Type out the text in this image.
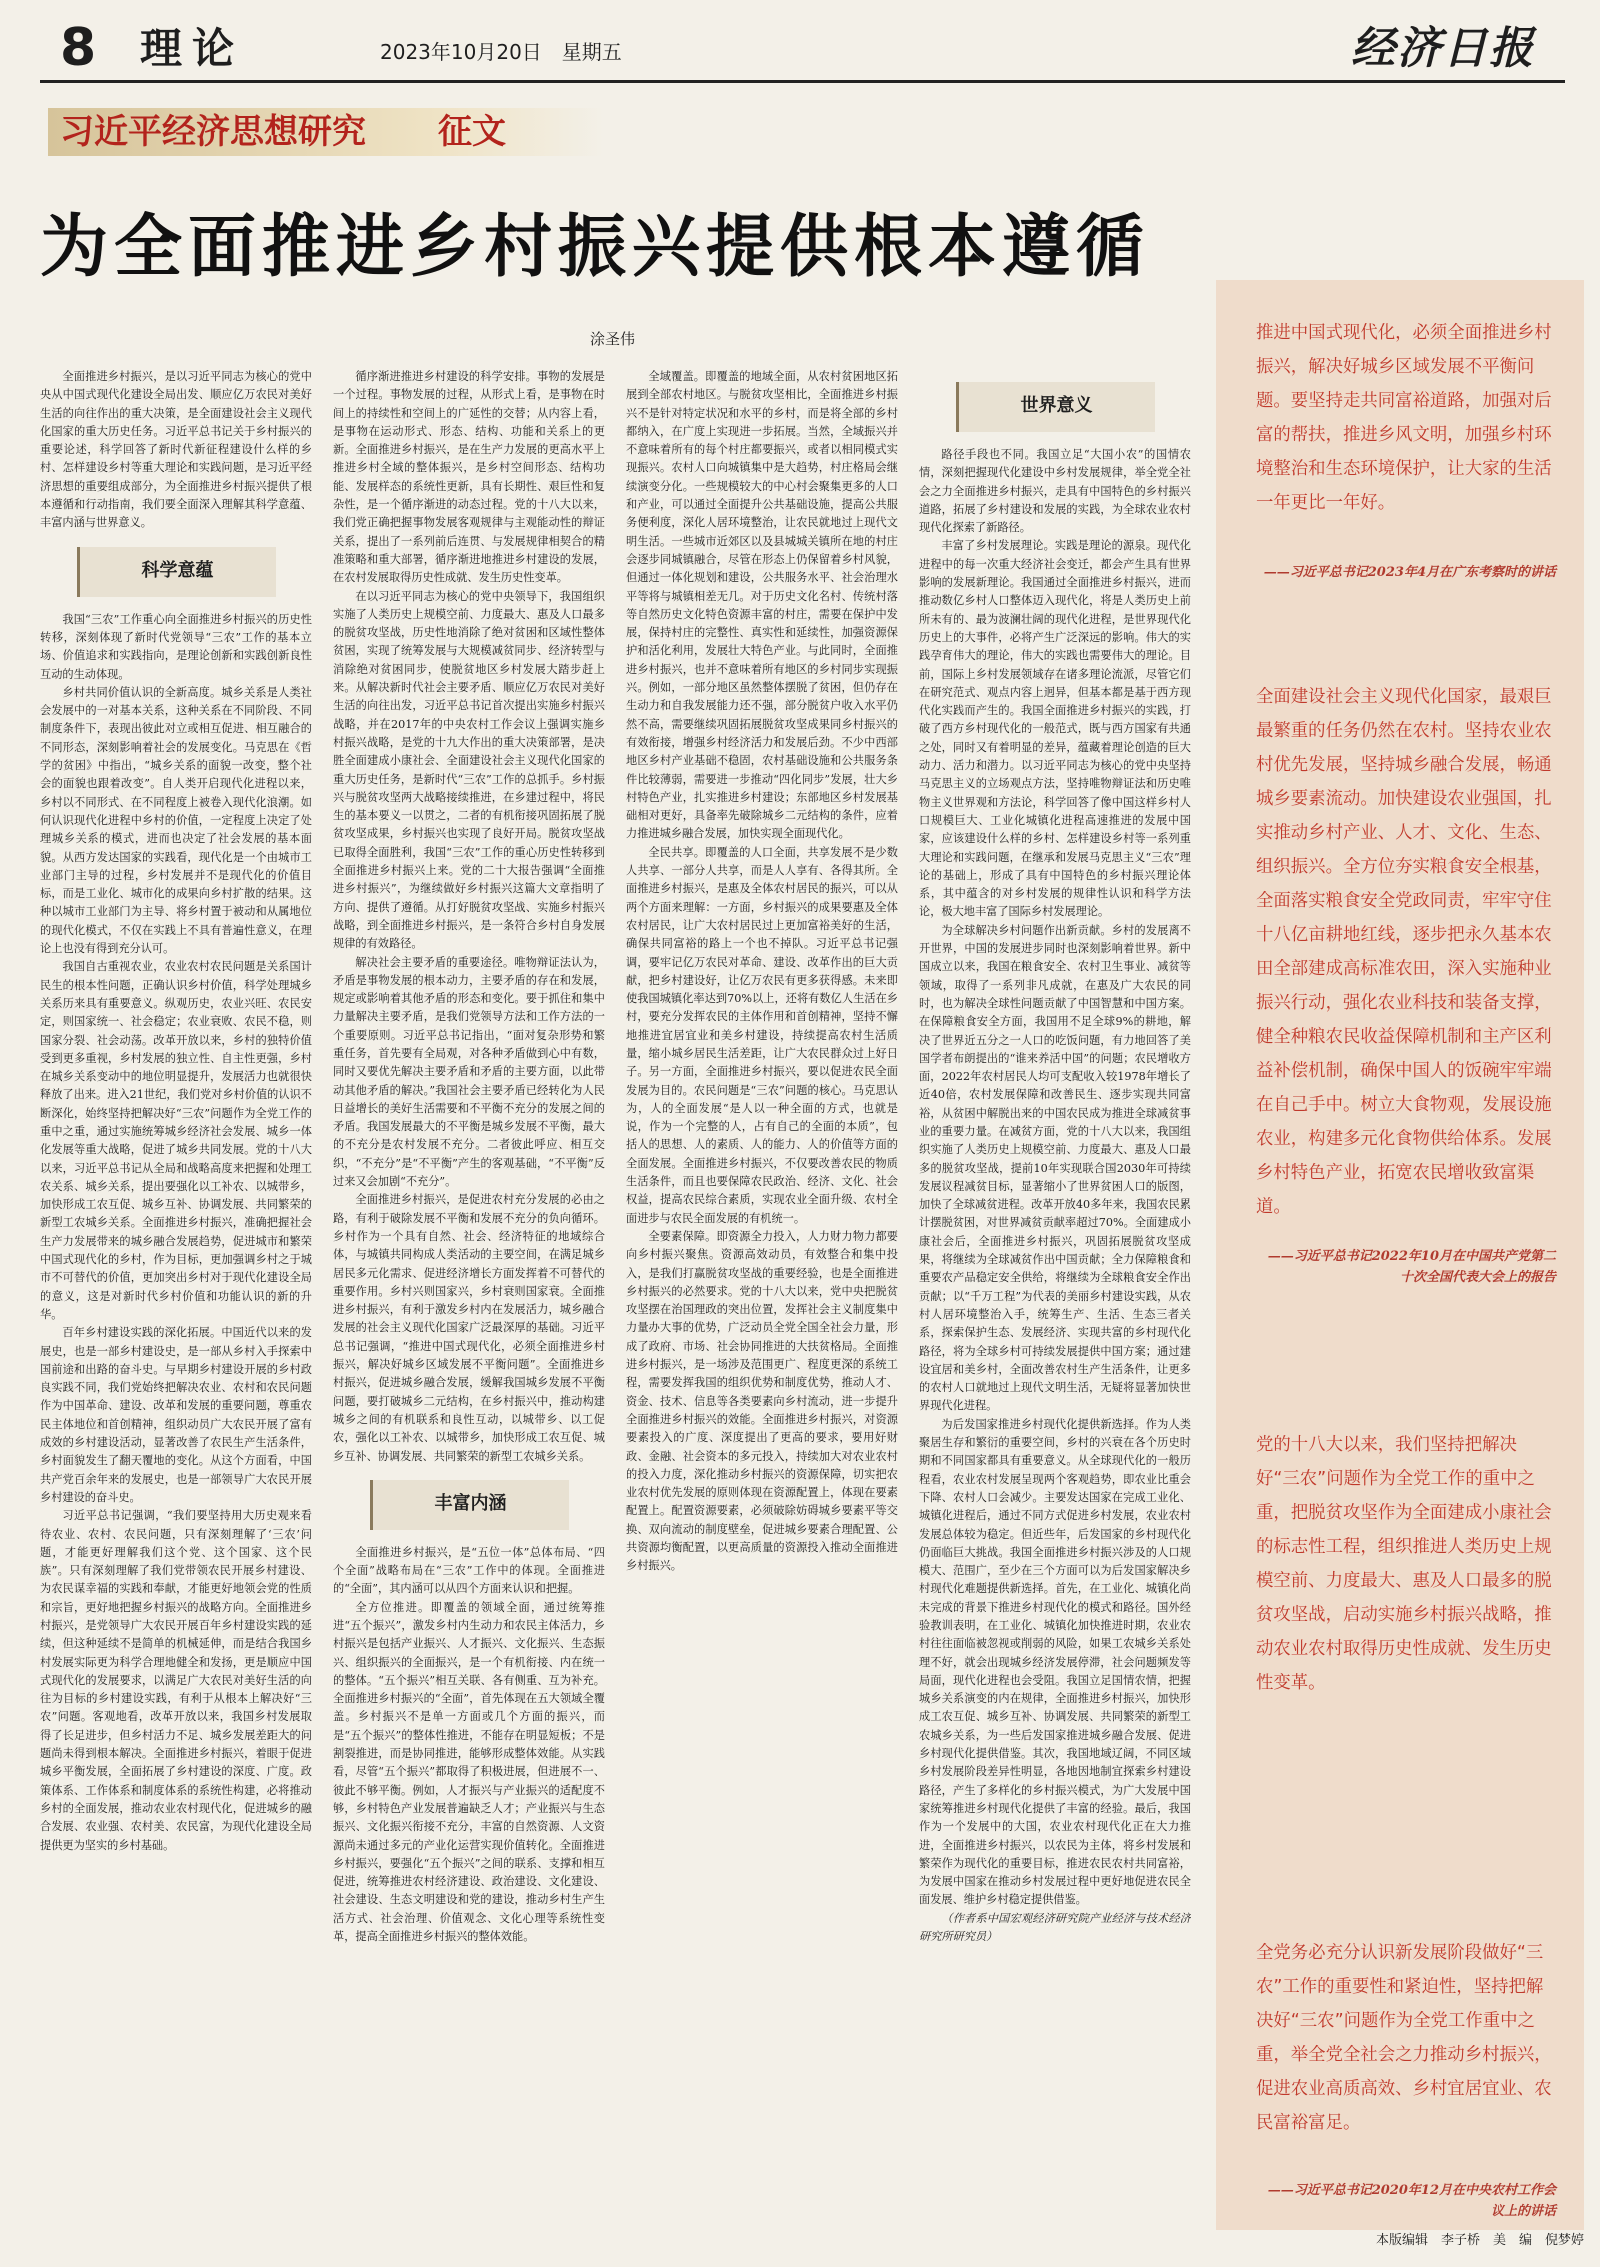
8 理论	2023年10月20日　星期五	经济日报
习近平经济思想研究 征文
为全面推进乡村振兴提供根本遵循
涂圣伟

全面推进乡村振兴，是以习近平同志为核心的党中央从中国式现代化建设全局出发、顺应亿万农民对美好生活的向往作出的重大决策，是全面建设社会主义现代化国家的重大历史任务。习近平总书记关于乡村振兴的重要论述，科学回答了新时代新征程建设什么样的乡村、怎样建设乡村等重大理论和实践问题，是习近平经济思想的重要组成部分，为全面推进乡村振兴提供了根本遵循和行动指南，我们要全面深入理解其科学意蕴、丰富内涵与世界意义。

科学意蕴

我国“三农”工作重心向全面推进乡村振兴的历史性转移，深刻体现了新时代党领导“三农”工作的基本立场、价值追求和实践指向，是理论创新和实践创新良性互动的生动体现。

乡村共同价值认识的全新高度。城乡关系是人类社会发展中的一对基本关系，这种关系在不同阶段、不同制度条件下，表现出彼此对立或相互促进、相互融合的不同形态，深刻影响着社会的发展变化。马克思在《哲学的贫困》中指出，“城乡关系的面貌一改变，整个社会的面貌也跟着改变”。自人类开启现代化进程以来，乡村以不同形式、在不同程度上被卷入现代化浪潮。如何认识现代化进程中乡村的价值，一定程度上决定了处理城乡关系的模式，进而也决定了社会发展的基本面貌。从西方发达国家的实践看，现代化是一个由城市工业部门主导的过程，乡村发展并不是现代化的价值目标，而是工业化、城市化的成果向乡村扩散的结果。这种以城市工业部门为主导、将乡村置于被动和从属地位的现代化模式，不仅在实践上不具有普遍性意义，在理论上也没有得到充分认可。

我国自古重视农业，农业农村农民问题是关系国计民生的根本性问题，正确认识乡村价值，科学处理城乡关系历来具有重要意义。纵观历史，农业兴旺、农民安定，则国家统一、社会稳定；农业衰败、农民不稳，则国家分裂、社会动荡。改革开放以来，乡村的独特价值受到更多重视，乡村发展的独立性、自主性更强，乡村在城乡关系变动中的地位明显提升，发展活力也就很快释放了出来。进入21世纪，我们党对乡村价值的认识不断深化，始终坚持把解决好“三农”问题作为全党工作的重中之重，通过实施统筹城乡经济社会发展、城乡一体化发展等重大战略，促进了城乡共同发展。党的十八大以来，习近平总书记从全局和战略高度来把握和处理工农关系、城乡关系，提出要强化以工补农、以城带乡，加快形成工农互促、城乡互补、协调发展、共同繁荣的新型工农城乡关系。全面推进乡村振兴，准确把握社会生产力发展带来的城乡融合发展趋势，促进城市和繁荣中国式现代化的乡村，作为目标，更加强调乡村之于城市不可替代的价值，更加突出乡村对于现代化建设全局的意义，这是对新时代乡村价值和功能认识的新的升华。

百年乡村建设实践的深化拓展。中国近代以来的发展史，也是一部乡村建设史，是一部从乡村入手探索中国前途和出路的奋斗史。与早期乡村建设开展的乡村政良实践不同，我们党始终把解决农业、农村和农民问题作为中国革命、建设、改革和发展的重要问题，尊重农民主体地位和首创精神，组织动员广大农民开展了富有成效的乡村建设活动，显著改善了农民生产生活条件，乡村面貌发生了翻天覆地的变化。从这个方面看，中国共产党百余年来的发展史，也是一部领导广大农民开展乡村建设的奋斗史。

习近平总书记强调，“我们要坚持用大历史观来看待农业、农村、农民问题，只有深刻理解了‘三农’问题，才能更好理解我们这个党、这个国家、这个民族”。只有深刻理解了我们党带领农民开展乡村建设、为农民谋幸福的实践和奉献，才能更好地领会党的性质和宗旨，更好地把握乡村振兴的战略方向。全面推进乡村振兴，是党领导广大农民开展百年乡村建设实践的延续，但这种延续不是简单的机械延伸，而是结合我国乡村发展实际更为科学合理地健全和发扬，更是顺应中国式现代化的发展要求，以满足广大农民对美好生活的向往为目标的乡村建设实践，有利于从根本上解决好“三农”问题。客观地看，改革开放以来，我国乡村发展取得了长足进步，但乡村活力不足、城乡发展差距大的问题尚未得到根本解决。全面推进乡村振兴，着眼于促进城乡平衡发展，全面拓展了乡村建设的深度、广度。政策体系、工作体系和制度体系的系统性构建，必将推动乡村的全面发展，推动农业农村现代化，促进城乡的融合发展、农业强、农村美、农民富，为现代化建设全局提供更为坚实的乡村基础。

循序渐进推进乡村建设的科学安排。事物的发展是一个过程。事物发展的过程，从形式上看，是事物在时间上的持续性和空间上的广延性的交替；从内容上看，是事物在运动形式、形态、结构、功能和关系上的更新。全面推进乡村振兴，是在生产力发展的更高水平上推进乡村全域的整体振兴，是乡村空间形态、结构功能、发展样态的系统性更新，具有长期性、艰巨性和复杂性，是一个循序渐进的动态过程。党的十八大以来，我们党正确把握事物发展客观规律与主观能动性的辩证关系，提出了一系列前后连贯、与发展规律相契合的精准策略和重大部署，循序渐进地推进乡村建设的发展，在农村发展取得历史性成就、发生历史性变革。

在以习近平同志为核心的党中央领导下，我国组织实施了人类历史上规模空前、力度最大、惠及人口最多的脱贫攻坚战，历史性地消除了绝对贫困和区域性整体贫困，实现了统筹发展与大规模减贫同步、经济转型与消除绝对贫困同步，使脱贫地区乡村发展大踏步赶上来。从解决新时代社会主要矛盾、顺应亿万农民对美好生活的向往出发，习近平总书记首次提出实施乡村振兴战略，并在2017年的中央农村工作会议上强调实施乡村振兴战略，是党的十九大作出的重大决策部署，是决胜全面建成小康社会、全面建设社会主义现代化国家的重大历史任务，是新时代“三农”工作的总抓手。乡村振兴与脱贫攻坚两大战略接续推进，在乡建过程中，将民生的基本要义一以贯之，二者的有机衔接巩固拓展了脱贫攻坚成果，乡村振兴也实现了良好开局。脱贫攻坚战已取得全面胜利，我国“三农”工作的重心历史性转移到全面推进乡村振兴上来。党的二十大报告强调“全面推进乡村振兴”，为继续做好乡村振兴这篇大文章指明了方向、提供了遵循。从打好脱贫攻坚战、实施乡村振兴战略，到全面推进乡村振兴，是一条符合乡村自身发展规律的有效路径。

解决社会主要矛盾的重要途径。唯物辩证法认为，矛盾是事物发展的根本动力，主要矛盾的存在和发展，规定或影响着其他矛盾的形态和变化。要于抓住和集中力量解决主要矛盾，是我们党领导方法和工作方法的一个重要原则。习近平总书记指出，“面对复杂形势和繁重任务，首先要有全局观，对各种矛盾做到心中有数，同时又要优先解决主要矛盾和矛盾的主要方面，以此带动其他矛盾的解决。”我国社会主要矛盾已经转化为人民日益增长的美好生活需要和不平衡不充分的发展之间的矛盾。我国发展最大的不平衡是城乡发展不平衡，最大的不充分是农村发展不充分。二者彼此呼应、相互交织，“不充分”是“不平衡”产生的客观基础，“不平衡”反过来又会加剧“不充分”。

全面推进乡村振兴，是促进农村充分发展的必由之路，有利于破除发展不平衡和发展不充分的负向循环。乡村作为一个具有自然、社会、经济特征的地域综合体，与城镇共同构成人类活动的主要空间，在满足城乡居民多元化需求、促进经济增长方面发挥着不可替代的重要作用。乡村兴则国家兴，乡村衰则国家衰。全面推进乡村振兴，有利于激发乡村内在发展活力，城乡融合发展的社会主义现代化国家广泛最深厚的基础。习近平总书记强调，“推进中国式现代化，必须全面推进乡村振兴，解决好城乡区域发展不平衡问题”。全面推进乡村振兴，促进城乡融合发展，缓解我国城乡发展不平衡问题，要打破城乡二元结构，在乡村振兴中，推动构建城乡之间的有机联系和良性互动，以城带乡、以工促农，强化以工补农、以城带乡，加快形成工农互促、城乡互补、协调发展、共同繁荣的新型工农城乡关系。

丰富内涵

全面推进乡村振兴，是“五位一体”总体布局、“四个全面”战略布局在“三农”工作中的体现。全面推进的“全面”，其内涵可以从四个方面来认识和把握。

全方位推进。即覆盖的领域全面，通过统筹推进“五个振兴”，激发乡村内生动力和农民主体活力，乡村振兴是包括产业振兴、人才振兴、文化振兴、生态振兴、组织振兴的全面振兴，是一个有机衔接、内在统一的整体。“五个振兴”相互关联、各有侧重、互为补充。全面推进乡村振兴的“全面”，首先体现在五大领域全覆盖。乡村振兴不是单一方面或几个方面的振兴，而是“五个振兴”的整体性推进，不能存在明显短板；不是割裂推进，而是协同推进，能够形成整体效能。从实践看，尽管“五个振兴”都取得了积极进展，但进展不一、彼此不够平衡。例如，人才振兴与产业振兴的适配度不够，乡村特色产业发展普遍缺乏人才；产业振兴与生态振兴、文化振兴衔接不充分，丰富的自然资源、人文资源尚未通过多元的产业化运营实现价值转化。全面推进乡村振兴，要强化“五个振兴”之间的联系、支撑和相互促进，统筹推进农村经济建设、政治建设、文化建设、社会建设、生态文明建设和党的建设，推动乡村生产生活方式、社会治理、价值观念、文化心理等系统性变革，提高全面推进乡村振兴的整体效能。

全域覆盖。即覆盖的地域全面，从农村贫困地区拓展到全部农村地区。与脱贫攻坚相比，全面推进乡村振兴不是针对特定状况和水平的乡村，而是将全部的乡村都纳入，在广度上实现进一步拓展。当然，全域振兴并不意味着所有的每个村庄都要振兴，或者以相同模式实现振兴。农村人口向城镇集中是大趋势，村庄格局会继续演变分化。一些规模较大的中心村会聚集更多的人口和产业，可以通过全面提升公共基础设施，提高公共服务便利度，深化人居环境整治，让农民就地过上现代文明生活。一些城市近郊区以及县城城关镇所在地的村庄会逐步同城镇融合，尽管在形态上仍保留着乡村风貌，但通过一体化规划和建设，公共服务水平、社会治理水平等将与城镇相差无几。对于历史文化名村、传统村落等自然历史文化特色资源丰富的村庄，需要在保护中发展，保持村庄的完整性、真实性和延续性，加强资源保护和活化利用，发展壮大特色产业。与此同时，全面推进乡村振兴，也并不意味着所有地区的乡村同步实现振兴。例如，一部分地区虽然整体摆脱了贫困，但仍存在生动力和自我发展能力还不强，部分脱贫户收入水平仍然不高，需要继续巩固拓展脱贫攻坚成果同乡村振兴的有效衔接，增强乡村经济活力和发展后劲。不少中西部地区乡村产业基础不稳固，农村基础设施和公共服务条件比较薄弱，需要进一步推动“四化同步”发展，壮大乡村特色产业，扎实推进乡村建设；东部地区乡村发展基础相对更好，具备率先破除城乡二元结构的条件，应着力推进城乡融合发展，加快实现全面现代化。

全民共享。即覆盖的人口全面，共享发展不是少数人共享、一部分人共享，而是人人享有、各得其所。全面推进乡村振兴，是惠及全体农村居民的振兴，可以从两个方面来理解：一方面，乡村振兴的成果要惠及全体农村居民，让广大农村居民过上更加富裕美好的生活，确保共同富裕的路上一个也不掉队。习近平总书记强调，要牢记亿万农民对革命、建设、改革作出的巨大贡献，把乡村建设好，让亿万农民有更多获得感。未来即使我国城镇化率达到70%以上，还将有数亿人生活在乡村，要充分发挥农民的主体作用和首创精神，坚持不懈地推进宜居宜业和美乡村建设，持续提高农村生活质量，缩小城乡居民生活差距，让广大农民群众过上好日子。另一方面，全面推进乡村振兴，要以促进农民全面发展为目的。农民问题是“三农”问题的核心。马克思认为，人的全面发展“是人以一种全面的方式，也就是说，作为一个完整的人，占有自己的全面的本质”，包括人的思想、人的素质、人的能力、人的价值等方面的全面发展。全面推进乡村振兴，不仅要改善农民的物质生活条件，而且也要保障农民政治、经济、文化、社会权益，提高农民综合素质，实现农业全面升级、农村全面进步与农民全面发展的有机统一。

全要素保障。即资源全力投入，人力财力物力都要向乡村振兴聚焦。资源高效动员，有效整合和集中投入，是我们打赢脱贫攻坚战的重要经验，也是全面推进乡村振兴的必然要求。党的十八大以来，党中央把脱贫攻坚摆在治国理政的突出位置，发挥社会主义制度集中力量办大事的优势，广泛动员全党全国全社会力量，形成了政府、市场、社会协同推进的大扶贫格局。全面推进乡村振兴，是一场涉及范围更广、程度更深的系统工程，需要发挥我国的组织优势和制度优势，推动人才、资金、技术、信息等各类要素向乡村流动，进一步提升全面推进乡村振兴的效能。全面推进乡村振兴，对资源要素投入的广度、深度提出了更高的要求，要用好财政、金融、社会资本的多元投入，持续加大对农业农村的投入力度，深化推动乡村振兴的资源保障，切实把农业农村优先发展的原则体现在资源配置上，体现在要素配置上。配置资源要素，必须破除妨碍城乡要素平等交换、双向流动的制度壁垒，促进城乡要素合理配置、公共资源均衡配置，以更高质量的资源投入推动全面推进乡村振兴。

世界意义

路径手段也不同。我国立足“大国小农”的国情农情，深刻把握现代化建设中乡村发展规律，举全党全社会之力全面推进乡村振兴，走具有中国特色的乡村振兴道路，拓展了乡村建设和发展的实践，为全球农业农村现代化探索了新路径。

丰富了乡村发展理论。实践是理论的源泉。现代化进程中的每一次重大经济社会变迁，都会产生具有世界影响的发展新理论。我国通过全面推进乡村振兴，进而推动数亿乡村人口整体迈入现代化，将是人类历史上前所未有的、最为波澜壮阔的现代化进程，是世界现代化历史上的大事件，必将产生广泛深远的影响。伟大的实践孕育伟大的理论，伟大的实践也需要伟大的理论。目前，国际上乡村发展领域存在诸多理论流派，尽管它们在研究范式、观点内容上迥异，但基本都是基于西方现代化实践而产生的。我国全面推进乡村振兴的实践，打破了西方乡村现代化的一般范式，既与西方国家有共通之处，同时又有着明显的差异，蕴藏着理论创造的巨大动力、活力和潜力。以习近平同志为核心的党中央坚持马克思主义的立场观点方法，坚持唯物辩证法和历史唯物主义世界观和方法论，科学回答了像中国这样乡村人口规模巨大、工业化城镇化进程高速推进的发展中国家，应该建设什么样的乡村、怎样建设乡村等一系列重大理论和实践问题，在继承和发展马克思主义“三农”理论的基础上，形成了具有中国特色的乡村振兴理论体系，其中蕴含的对乡村发展的规律性认识和科学方法论，极大地丰富了国际乡村发展理论。

为全球解决乡村问题作出新贡献。乡村的发展离不开世界，中国的发展进步同时也深刻影响着世界。新中国成立以来，我国在粮食安全、农村卫生事业、减贫等领域，取得了一系列非凡成就，在惠及广大农民的同时，也为解决全球性问题贡献了中国智慧和中国方案。在保障粮食安全方面，我国用不足全球9%的耕地，解决了世界近五分之一人口的吃饭问题，有力地回答了美国学者布朗提出的“谁来养活中国”的问题；农民增收方面，2022年农村居民人均可支配收入较1978年增长了近40倍，农村发展保障和改善民生、逐步实现共同富裕，从贫困中解脱出来的中国农民成为推进全球减贫事业的重要力量。在减贫方面，党的十八大以来，我国组织实施了人类历史上规模空前、力度最大、惠及人口最多的脱贫攻坚战，提前10年实现联合国2030年可持续发展议程减贫目标，显著缩小了世界贫困人口的版图，加快了全球减贫进程。改革开放40多年来，我国农民累计摆脱贫困，对世界减贫贡献率超过70%。全面建成小康社会后，全面推进乡村振兴，巩固拓展脱贫攻坚成果，将继续为全球减贫作出中国贡献；全力保障粮食和重要农产品稳定安全供给，将继续为全球粮食安全作出贡献；以“千万工程”为代表的美丽乡村建设实践，从农村人居环境整治入手，统筹生产、生活、生态三者关系，探索保护生态、发展经济、实现共富的乡村现代化路径，将为全球乡村可持续发展提供中国方案；通过建设宜居和美乡村，全面改善农村生产生活条件，让更多的农村人口就地过上现代文明生活，无疑将显著加快世界现代化进程。

为后发国家推进乡村现代化提供新选择。作为人类聚居生存和繁衍的重要空间，乡村的兴衰在各个历史时期和不同国家都具有重要意义。从全球现代化的一般历程看，农业农村发展呈现两个客观趋势，即农业比重会下降、农村人口会减少。主要发达国家在完成工业化、城镇化进程后，通过不同方式促进乡村发展，农业农村发展总体较为稳定。但近些年，后发国家的乡村现代化仍面临巨大挑战。我国全面推进乡村振兴涉及的人口规模大、范围广，至少在三个方面可以为后发国家解决乡村现代化难题提供新选择。首先，在工业化、城镇化尚未完成的背景下推进乡村现代化的模式和路径。国外经验教训表明，在工业化、城镇化加快推进时期，农业农村往往面临被忽视或削弱的风险，如果工农城乡关系处理不好，就会出现城乡经济发展停滞，社会问题频发等局面，现代化进程也会受阻。我国立足国情农情，把握城乡关系演变的内在规律，全面推进乡村振兴，加快形成工农互促、城乡互补、协调发展、共同繁荣的新型工农城乡关系，为一些后发国家推进城乡融合发展、促进乡村现代化提供借鉴。其次，我国地域辽阔，不同区域乡村发展阶段差异性明显，各地因地制宜探索乡村建设路径，产生了多样化的乡村振兴模式，为广大发展中国家统筹推进乡村现代化提供了丰富的经验。最后，我国作为一个发展中的大国，农业农村现代化正在大力推进，全面推进乡村振兴，以农民为主体，将乡村发展和繁荣作为现代化的重要目标，推进农民农村共同富裕，为发展中国家在推动乡村发展过程中更好地促进农民全面发展、维护乡村稳定提供借鉴。

（作者系中国宏观经济研究院产业经济与技术经济研究所研究员）

推进中国式现代化，必须全面推进乡村振兴，解决好城乡区域发展不平衡问题。要坚持走共同富裕道路，加强对后富的帮扶，推进乡风文明，加强乡村环境整治和生态环境保护，让大家的生活一年更比一年好。

——习近平总书记2023年4月在广东考察时的讲话

全面建设社会主义现代化国家，最艰巨最繁重的任务仍然在农村。坚持农业农村优先发展，坚持城乡融合发展，畅通城乡要素流动。加快建设农业强国，扎实推动乡村产业、人才、文化、生态、组织振兴。全方位夯实粮食安全根基，全面落实粮食安全党政同责，牢牢守住十八亿亩耕地红线，逐步把永久基本农田全部建成高标准农田，深入实施种业振兴行动，强化农业科技和装备支撑，健全种粮农民收益保障机制和主产区利益补偿机制，确保中国人的饭碗牢牢端在自己手中。树立大食物观，发展设施农业，构建多元化食物供给体系。发展乡村特色产业，拓宽农民增收致富渠道。

——习近平总书记2022年10月在中国共产党第二十次全国代表大会上的报告

党的十八大以来，我们坚持把解决好“三农”问题作为全党工作的重中之重，把脱贫攻坚作为全面建成小康社会的标志性工程，组织推进人类历史上规模空前、力度最大、惠及人口最多的脱贫攻坚战，启动实施乡村振兴战略，推动农业农村取得历史性成就、发生历史性变革。

全党务必充分认识新发展阶段做好“三农”工作的重要性和紧迫性，坚持把解决好“三农”问题作为全党工作重中之重，举全党全社会之力推动乡村振兴，促进农业高质高效、乡村宜居宜业、农民富裕富足。

——习近平总书记2020年12月在中央农村工作会议上的讲话
本版编辑　李子桥　美　编　倪梦婷
